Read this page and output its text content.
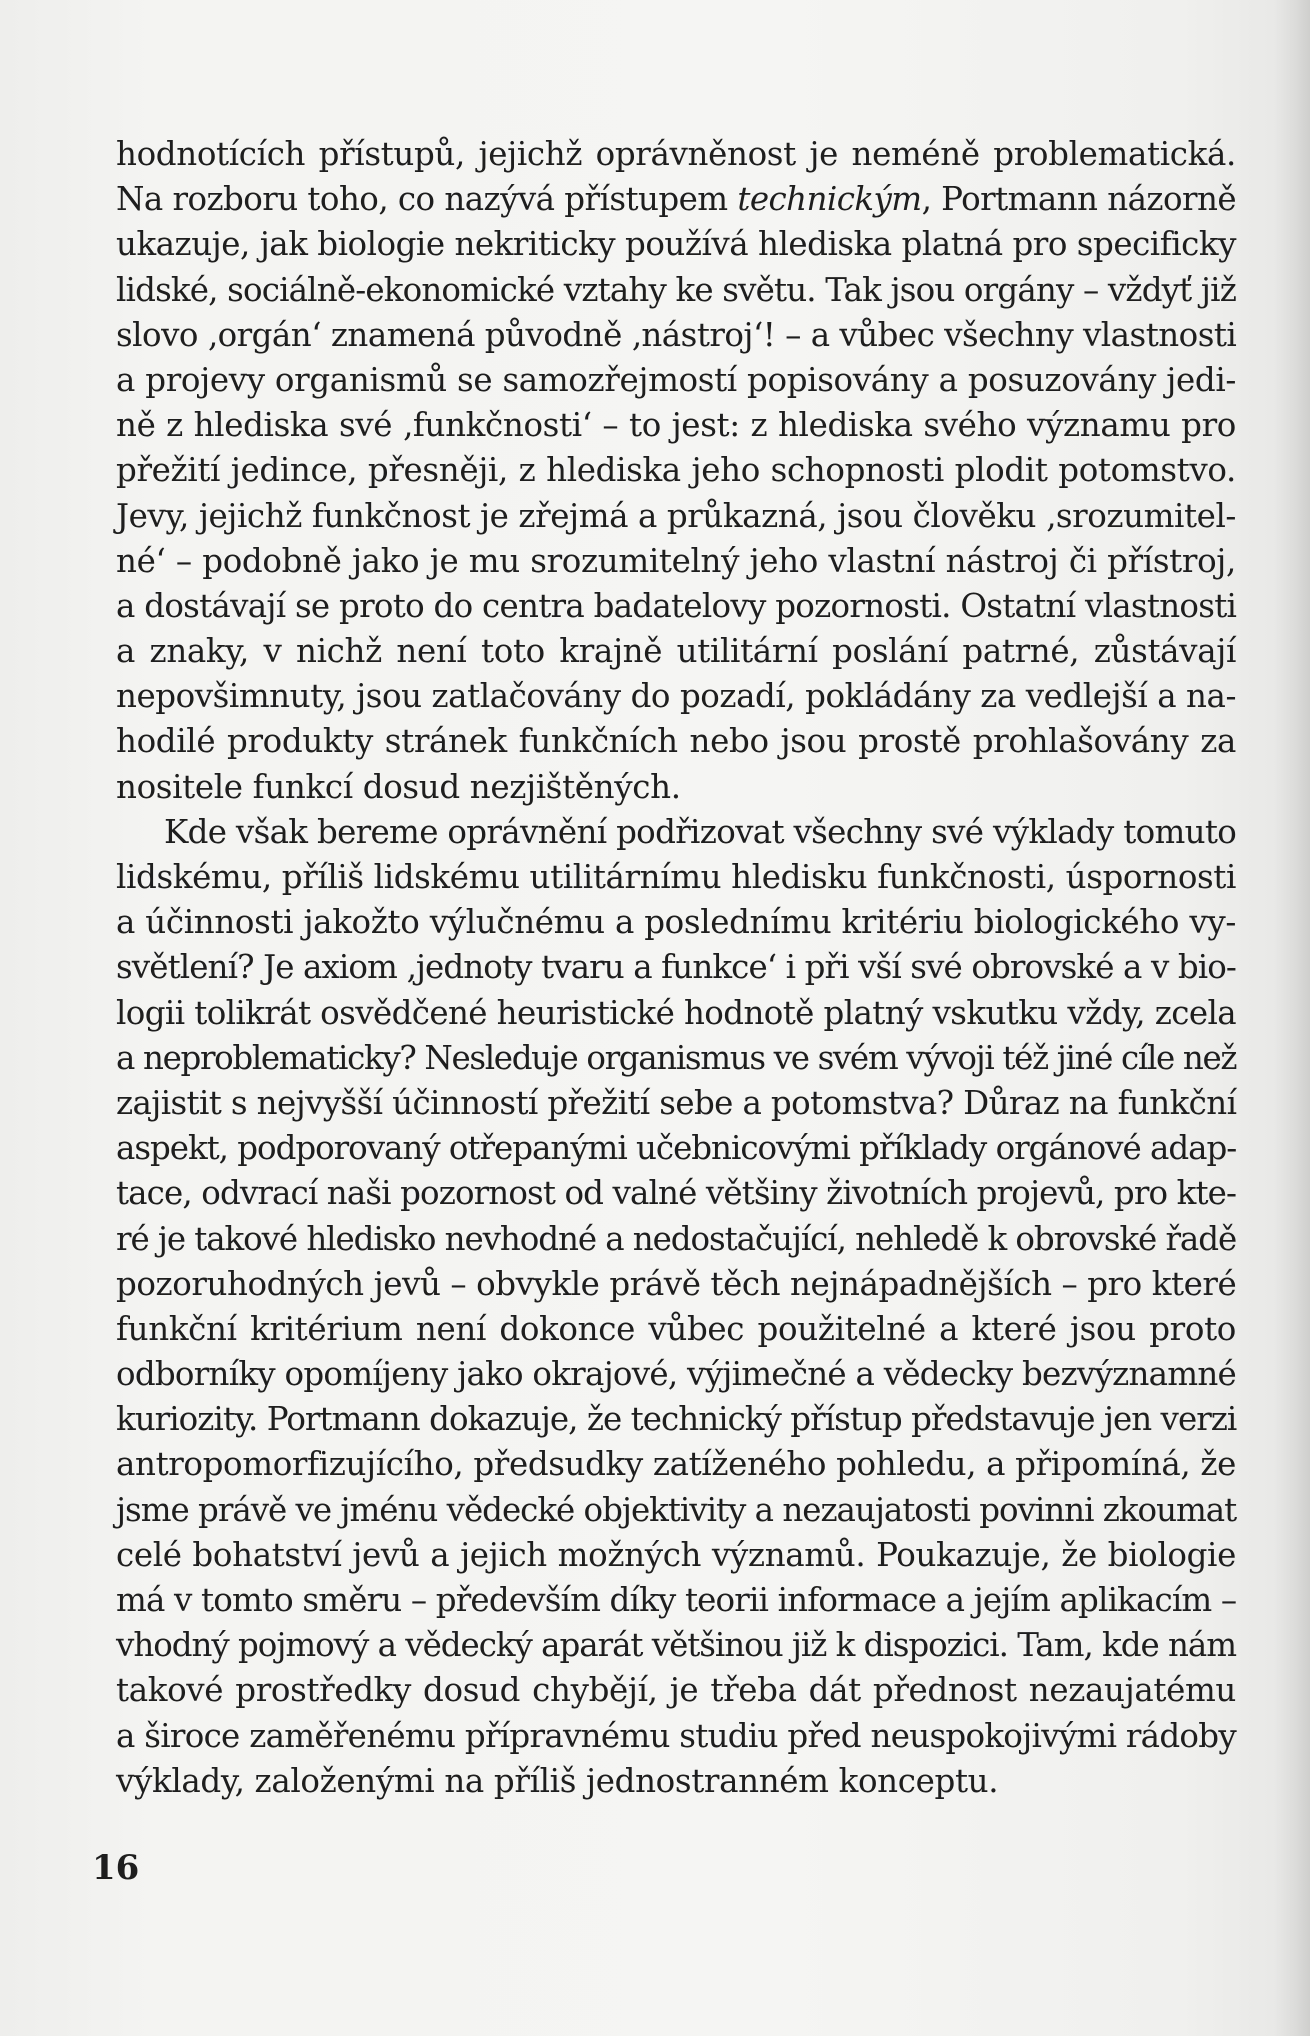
hodnotících přístupů, jejichž oprávněnost je neméně problematická.
Na rozboru toho, co nazývá přístupem technickým, Portmann názorně
ukazuje, jak biologie nekriticky používá hlediska platná pro specificky
lidské, sociálně-ekonomické vztahy ke světu. Tak jsou orgány – vždyť již
slovo ‚orgán‘ znamená původně ‚nástroj‘! – a vůbec všechny vlastnosti
a projevy organismů se samozřejmostí popisovány a posuzovány jedi-
ně z hlediska své ‚funkčnosti‘ – to jest: z hlediska svého významu pro
přežití jedince, přesněji, z hlediska jeho schopnosti plodit potomstvo.
Jevy, jejichž funkčnost je zřejmá a průkazná, jsou člověku ‚srozumitel-
né‘ – podobně jako je mu srozumitelný jeho vlastní nástroj či přístroj,
a dostávají se proto do centra badatelovy pozornosti. Ostatní vlastnosti
a znaky, v nichž není toto krajně utilitární poslání patrné, zůstávají
nepovšimnuty, jsou zatlačovány do pozadí, pokládány za vedlejší a na-
hodilé produkty stránek funkčních nebo jsou prostě prohlašovány za
nositele funkcí dosud nezjištěných.
Kde však bereme oprávnění podřizovat všechny své výklady tomuto
lidskému, příliš lidskému utilitárnímu hledisku funkčnosti, úspornosti
a účinnosti jakožto výlučnému a poslednímu kritériu biologického vy-
světlení? Je axiom ‚jednoty tvaru a funkce‘ i při vší své obrovské a v bio-
logii tolikrát osvědčené heuristické hodnotě platný vskutku vždy, zcela
a neproblematicky? Nesleduje organismus ve svém vývoji též jiné cíle než
zajistit s nejvyšší účinností přežití sebe a potomstva? Důraz na funkční
aspekt, podporovaný otřepanými učebnicovými příklady orgánové adap-
tace, odvrací naši pozornost od valné většiny životních projevů, pro kte-
ré je takové hledisko nevhodné a nedostačující, nehledě k obrovské řadě
pozoruhodných jevů – obvykle právě těch nejnápadnějších – pro které
funkční kritérium není dokonce vůbec použitelné a které jsou proto
odborníky opomíjeny jako okrajové, výjimečné a vědecky bezvýznamné
kuriozity. Portmann dokazuje, že technický přístup představuje jen verzi
antropomorfizujícího, předsudky zatíženého pohledu, a připomíná, že
jsme právě ve jménu vědecké objektivity a nezaujatosti povinni zkoumat
celé bohatství jevů a jejich možných významů. Poukazuje, že biologie
má v tomto směru – především díky teorii informace a jejím aplikacím –
vhodný pojmový a vědecký aparát většinou již k dispozici. Tam, kde nám
takové prostředky dosud chybějí, je třeba dát přednost nezaujatému
a široce zaměřenému přípravnému studiu před neuspokojivými rádoby
výklady, založenými na příliš jednostranném konceptu.
16
